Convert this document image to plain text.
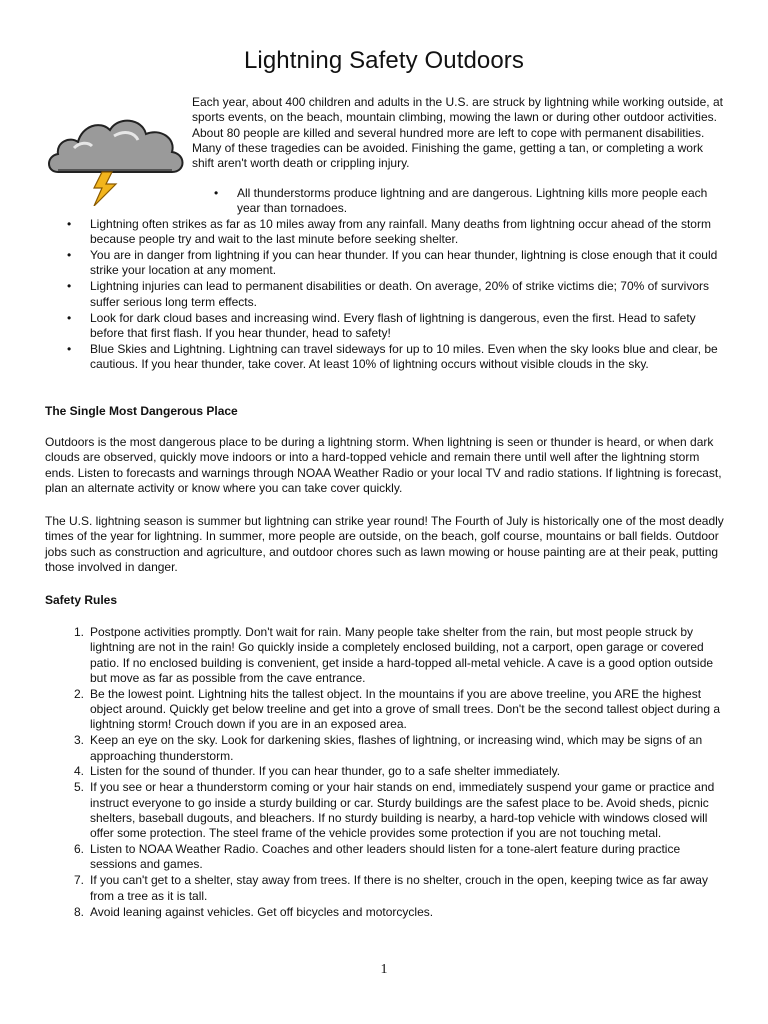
Lightning Safety Outdoors

Each year, about 400 children and adults in the U.S. are struck by lightning while working outside, at sports events, on the beach, mountain climbing, mowing the lawn or during other outdoor activities. About 80 people are killed and several hundred more are left to cope with permanent disabilities. Many of these tragedies can be avoided. Finishing the game, getting a tan, or completing a work shift aren't worth death or crippling injury.

• All thunderstorms produce lightning and are dangerous. Lightning kills more people each year than tornadoes.
• Lightning often strikes as far as 10 miles away from any rainfall. Many deaths from lightning occur ahead of the storm because people try and wait to the last minute before seeking shelter.
• You are in danger from lightning if you can hear thunder. If you can hear thunder, lightning is close enough that it could strike your location at any moment.
• Lightning injuries can lead to permanent disabilities or death. On average, 20% of strike victims die; 70% of survivors suffer serious long term effects.
• Look for dark cloud bases and increasing wind. Every flash of lightning is dangerous, even the first. Head to safety before that first flash. If you hear thunder, head to safety!
• Blue Skies and Lightning. Lightning can travel sideways for up to 10 miles. Even when the sky looks blue and clear, be cautious. If you hear thunder, take cover. At least 10% of lightning occurs without visible clouds in the sky.
The Single Most Dangerous Place

Outdoors is the most dangerous place to be during a lightning storm. When lightning is seen or thunder is heard, or when dark clouds are observed, quickly move indoors or into a hard-topped vehicle and remain there until well after the lightning storm ends. Listen to forecasts and warnings through NOAA Weather Radio or your local TV and radio stations. If lightning is forecast, plan an alternate activity or know where you can take cover quickly.

The U.S. lightning season is summer but lightning can strike year round! The Fourth of July is historically one of the most deadly times of the year for lightning. In summer, more people are outside, on the beach, golf course, mountains or ball fields. Outdoor jobs such as construction and agriculture, and outdoor chores such as lawn mowing or house painting are at their peak, putting those involved in danger.

Safety Rules
1. Postpone activities promptly. Don't wait for rain. Many people take shelter from the rain, but most people struck by lightning are not in the rain! Go quickly inside a completely enclosed building, not a carport, open garage or covered patio. If no enclosed building is convenient, get inside a hard-topped all-metal vehicle. A cave is a good option outside but move as far as possible from the cave entrance.
2. Be the lowest point. Lightning hits the tallest object. In the mountains if you are above treeline, you ARE the highest object around. Quickly get below treeline and get into a grove of small trees. Don't be the second tallest object during a lightning storm! Crouch down if you are in an exposed area.
3. Keep an eye on the sky. Look for darkening skies, flashes of lightning, or increasing wind, which may be signs of an approaching thunderstorm.
4. Listen for the sound of thunder. If you can hear thunder, go to a safe shelter immediately.
5. If you see or hear a thunderstorm coming or your hair stands on end, immediately suspend your game or practice and instruct everyone to go inside a sturdy building or car. Sturdy buildings are the safest place to be. Avoid sheds, picnic shelters, baseball dugouts, and bleachers. If no sturdy building is nearby, a hard-top vehicle with windows closed will offer some protection. The steel frame of the vehicle provides some protection if you are not touching metal.
6. Listen to NOAA Weather Radio. Coaches and other leaders should listen for a tone-alert feature during practice sessions and games.
7. If you can't get to a shelter, stay away from trees. If there is no shelter, crouch in the open, keeping twice as far away from a tree as it is tall.
8. Avoid leaning against vehicles. Get off bicycles and motorcycles.
1
